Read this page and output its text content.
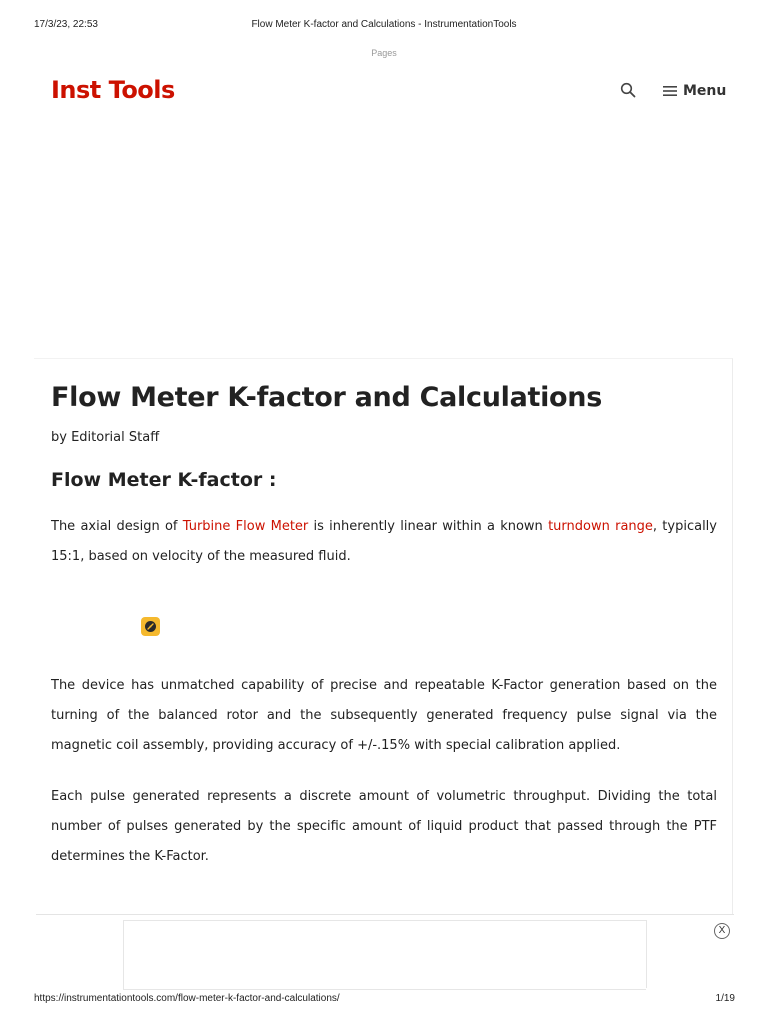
17/3/23, 22:53	Flow Meter K-factor and Calculations - InstrumentationTools
Pages
Inst Tools	Menu
Flow Meter K-factor and Calculations
by Editorial Staff
Flow Meter K-factor :

The axial design of Turbine Flow Meter is inherently linear within a known turndown range, typically 15:1, based on velocity of the measured fluid.

The device has unmatched capability of precise and repeatable K-Factor generation based on the turning of the balanced rotor and the subsequently generated frequency pulse signal via the magnetic coil assembly, providing accuracy of +/-.15% with special calibration applied.

Each pulse generated represents a discrete amount of volumetric throughput. Dividing the total number of pulses generated by the specific amount of liquid product that passed through the PTF determines the K-Factor.

X
https://instrumentationtools.com/flow-meter-k-factor-and-calculations/	1/19
